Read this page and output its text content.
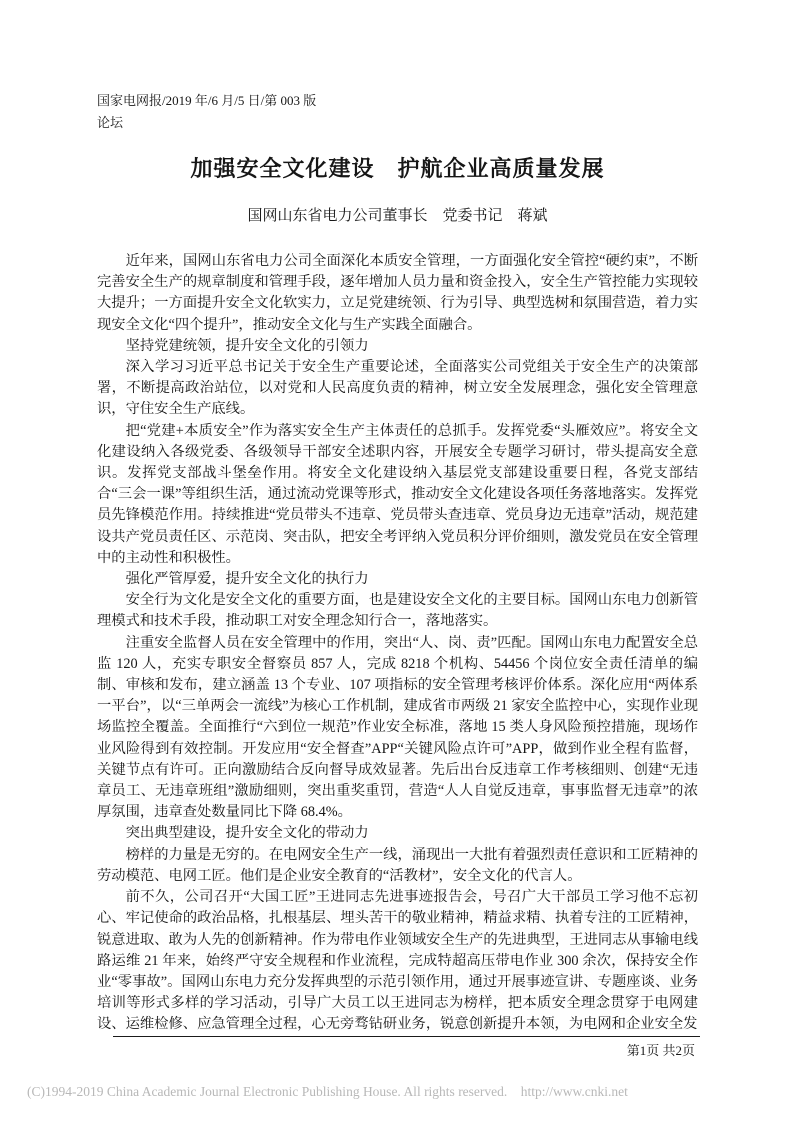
国家电网报/2019 年/6 月/5 日/第 003 版
论坛
加强安全文化建设　护航企业高质量发展
国网山东省电力公司董事长　党委书记　蒋斌

近年来，国网山东省电力公司全面深化本质安全管理，一方面强化安全管控“硬约束”，不断完善安全生产的规章制度和管理手段，逐年增加人员力量和资金投入，安全生产管控能力实现较大提升；一方面提升安全文化软实力，立足党建统领、行为引导、典型选树和氛围营造，着力实现安全文化“四个提升”，推动安全文化与生产实践全面融合。

坚持党建统领，提升安全文化的引领力

深入学习习近平总书记关于安全生产重要论述，全面落实公司党组关于安全生产的决策部署，不断提高政治站位，以对党和人民高度负责的精神，树立安全发展理念，强化安全管理意识，守住安全生产底线。

把“党建+本质安全”作为落实安全生产主体责任的总抓手。发挥党委“头雁效应”。将安全文化建设纳入各级党委、各级领导干部安全述职内容，开展安全专题学习研讨，带头提高安全意识。发挥党支部战斗堡垒作用。将安全文化建设纳入基层党支部建设重要日程，各党支部结合“三会一课”等组织生活，通过流动党课等形式，推动安全文化建设各项任务落地落实。发挥党员先锋模范作用。持续推进“党员带头不违章、党员带头查违章、党员身边无违章”活动，规范建设共产党员责任区、示范岗、突击队，把安全考评纳入党员积分评价细则，激发党员在安全管理中的主动性和积极性。

强化严管厚爱，提升安全文化的执行力

安全行为文化是安全文化的重要方面，也是建设安全文化的主要目标。国网山东电力创新管理模式和技术手段，推动职工对安全理念知行合一，落地落实。

注重安全监督人员在安全管理中的作用，突出“人、岗、责”匹配。国网山东电力配置安全总监 120 人，充实专职安全督察员 857 人，完成 8218 个机构、54456 个岗位安全责任清单的编制、审核和发布，建立涵盖 13 个专业、107 项指标的安全管理考核评价体系。深化应用“两体系一平台”，以“三单两会一流线”为核心工作机制，建成省市两级 21 家安全监控中心，实现作业现场监控全覆盖。全面推行“六到位一规范”作业安全标准，落地 15 类人身风险预控措施，现场作业风险得到有效控制。开发应用“安全督查”APP“关键风险点许可”APP，做到作业全程有监督，关键节点有许可。正向激励结合反向督导成效显著。先后出台反违章工作考核细则、创建“无违章员工、无违章班组”激励细则，突出重奖重罚，营造“人人自觉反违章，事事监督无违章”的浓厚氛围，违章查处数量同比下降 68.4%。

突出典型建设，提升安全文化的带动力

榜样的力量是无穷的。在电网安全生产一线，涌现出一大批有着强烈责任意识和工匠精神的劳动模范、电网工匠。他们是企业安全教育的“活教材”，安全文化的代言人。

前不久，公司召开“大国工匠”王进同志先进事迹报告会，号召广大干部员工学习他不忘初心、牢记使命的政治品格，扎根基层、埋头苦干的敬业精神，精益求精、执着专注的工匠精神，锐意进取、敢为人先的创新精神。作为带电作业领域安全生产的先进典型，王进同志从事输电线路运维 21 年来，始终严守安全规程和作业流程，完成特超高压带电作业 300 余次，保持安全作业“零事故”。国网山东电力充分发挥典型的示范引领作用，通过开展事迹宣讲、专题座谈、业务培训等形式多样的学习活动，引导广大员工以王进同志为榜样，把本质安全理念贯穿于电网建设、运维检修、应急管理全过程，心无旁骛钻研业务，锐意创新提升本领，为电网和企业安全发

第1页 共2页
(C)1994-2019 China Academic Journal Electronic Publishing House. All rights reserved.    http://www.cnki.net
